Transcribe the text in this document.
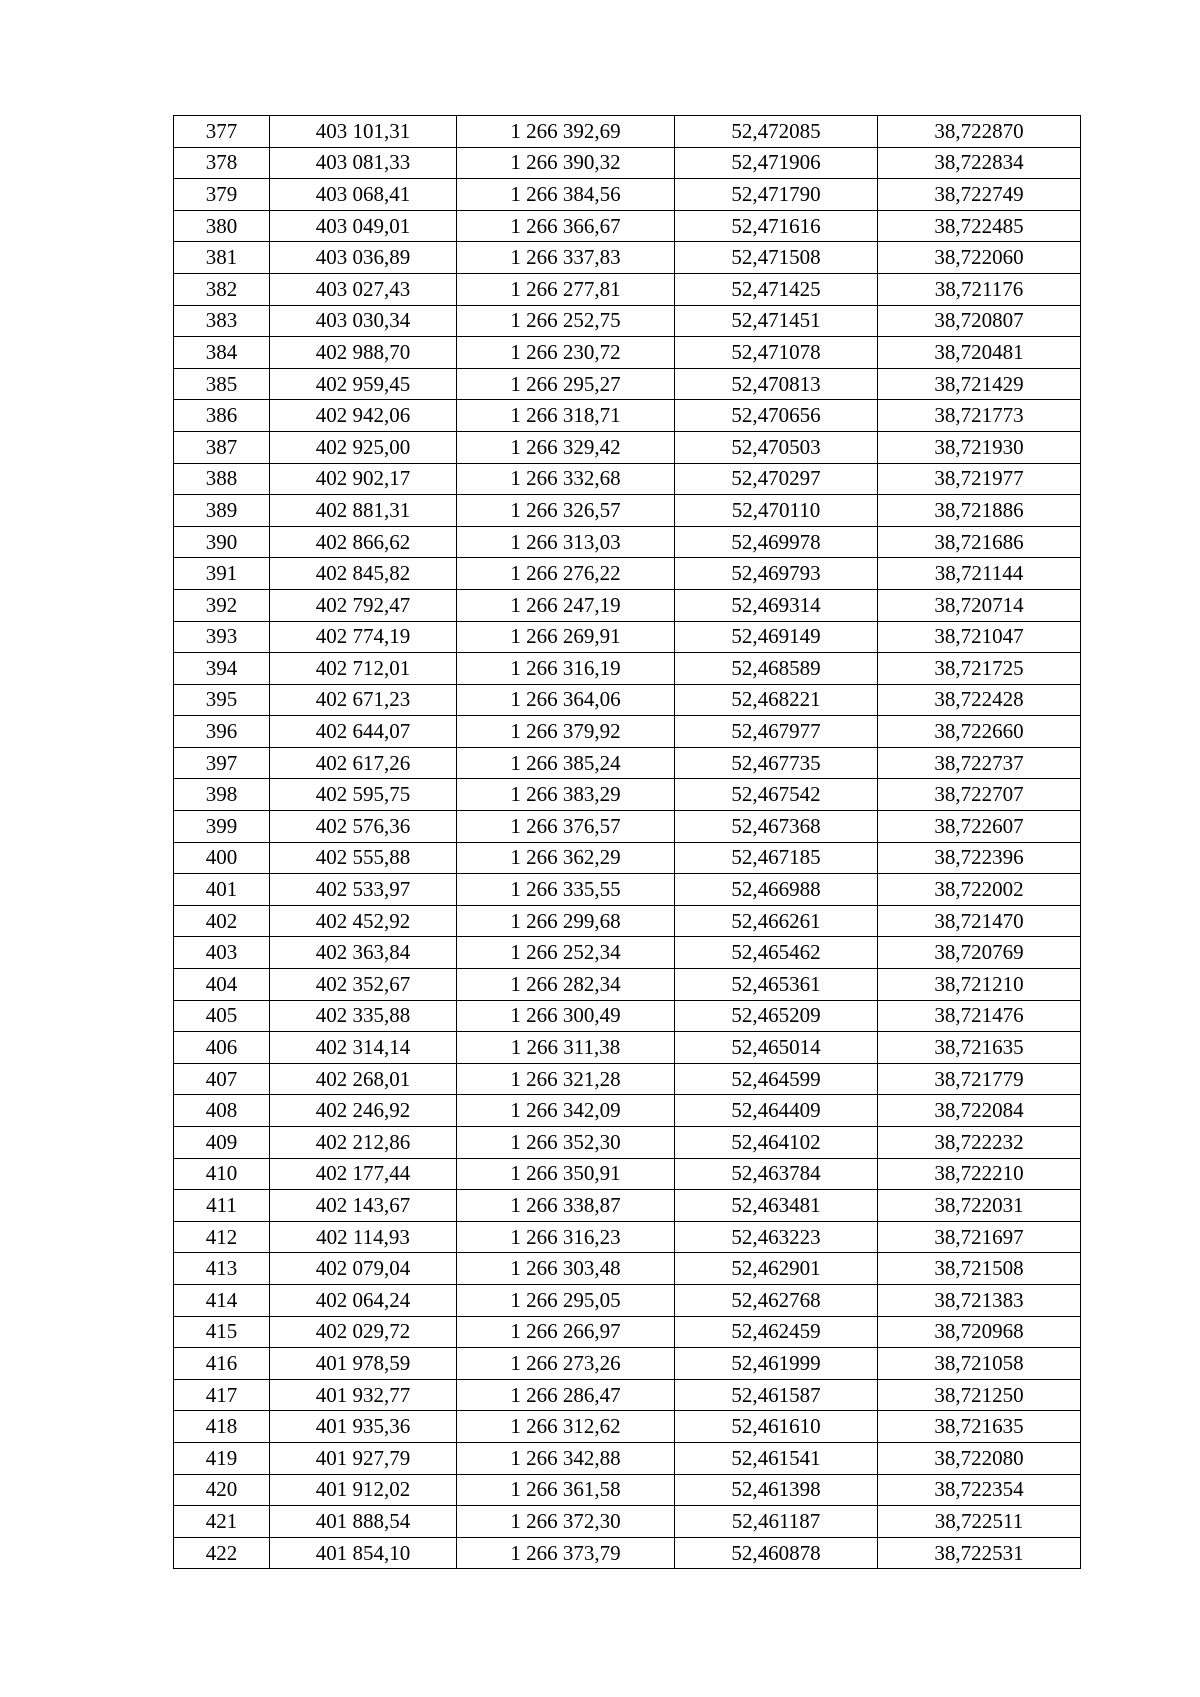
377	403 101,31	1 266 392,69	52,472085	38,722870
378	403 081,33	1 266 390,32	52,471906	38,722834
379	403 068,41	1 266 384,56	52,471790	38,722749
380	403 049,01	1 266 366,67	52,471616	38,722485
381	403 036,89	1 266 337,83	52,471508	38,722060
382	403 027,43	1 266 277,81	52,471425	38,721176
383	403 030,34	1 266 252,75	52,471451	38,720807
384	402 988,70	1 266 230,72	52,471078	38,720481
385	402 959,45	1 266 295,27	52,470813	38,721429
386	402 942,06	1 266 318,71	52,470656	38,721773
387	402 925,00	1 266 329,42	52,470503	38,721930
388	402 902,17	1 266 332,68	52,470297	38,721977
389	402 881,31	1 266 326,57	52,470110	38,721886
390	402 866,62	1 266 313,03	52,469978	38,721686
391	402 845,82	1 266 276,22	52,469793	38,721144
392	402 792,47	1 266 247,19	52,469314	38,720714
393	402 774,19	1 266 269,91	52,469149	38,721047
394	402 712,01	1 266 316,19	52,468589	38,721725
395	402 671,23	1 266 364,06	52,468221	38,722428
396	402 644,07	1 266 379,92	52,467977	38,722660
397	402 617,26	1 266 385,24	52,467735	38,722737
398	402 595,75	1 266 383,29	52,467542	38,722707
399	402 576,36	1 266 376,57	52,467368	38,722607
400	402 555,88	1 266 362,29	52,467185	38,722396
401	402 533,97	1 266 335,55	52,466988	38,722002
402	402 452,92	1 266 299,68	52,466261	38,721470
403	402 363,84	1 266 252,34	52,465462	38,720769
404	402 352,67	1 266 282,34	52,465361	38,721210
405	402 335,88	1 266 300,49	52,465209	38,721476
406	402 314,14	1 266 311,38	52,465014	38,721635
407	402 268,01	1 266 321,28	52,464599	38,721779
408	402 246,92	1 266 342,09	52,464409	38,722084
409	402 212,86	1 266 352,30	52,464102	38,722232
410	402 177,44	1 266 350,91	52,463784	38,722210
411	402 143,67	1 266 338,87	52,463481	38,722031
412	402 114,93	1 266 316,23	52,463223	38,721697
413	402 079,04	1 266 303,48	52,462901	38,721508
414	402 064,24	1 266 295,05	52,462768	38,721383
415	402 029,72	1 266 266,97	52,462459	38,720968
416	401 978,59	1 266 273,26	52,461999	38,721058
417	401 932,77	1 266 286,47	52,461587	38,721250
418	401 935,36	1 266 312,62	52,461610	38,721635
419	401 927,79	1 266 342,88	52,461541	38,722080
420	401 912,02	1 266 361,58	52,461398	38,722354
421	401 888,54	1 266 372,30	52,461187	38,722511
422	401 854,10	1 266 373,79	52,460878	38,722531
